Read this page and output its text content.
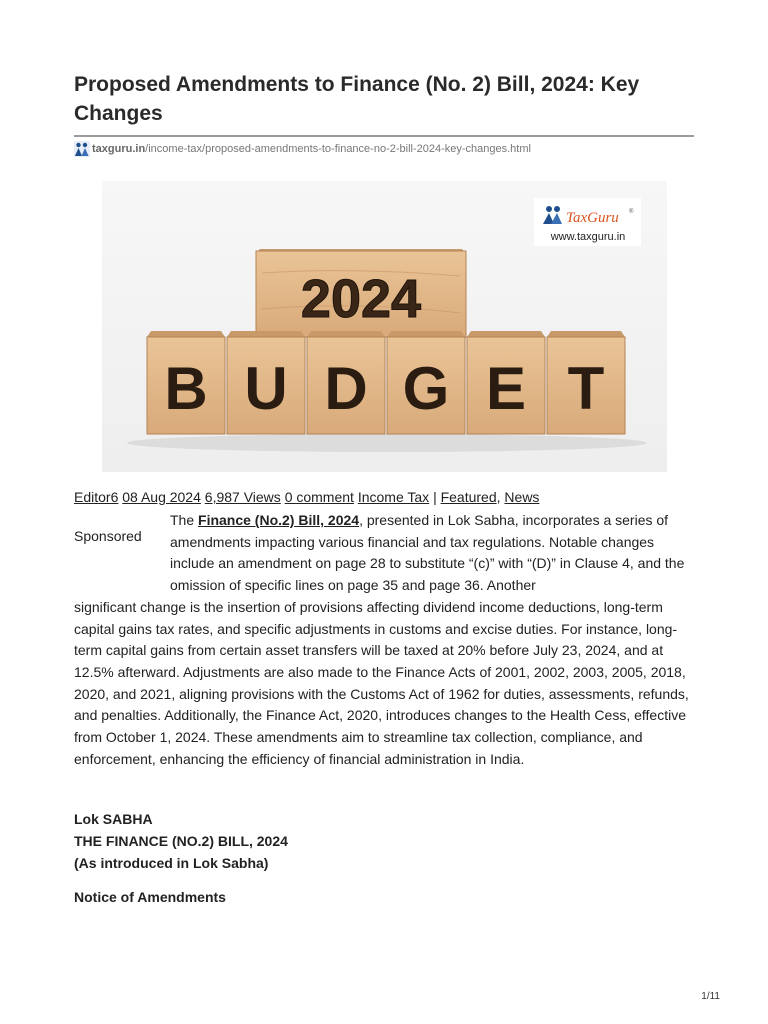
Proposed Amendments to Finance (No. 2) Bill, 2024: Key Changes
taxguru.in /income-tax/proposed-amendments-to-finance-no-2-bill-2024-key-changes.html
2024
B U D G E T
TaxGuru ®
www.taxguru.in
Editor6 08 Aug 2024 6,987 Views 0 comment Income Tax | Featured, News
Sponsored
The Finance (No.2) Bill, 2024, presented in Lok Sabha, incorporates a series of amendments impacting various financial and tax regulations. Notable changes include an amendment on page 28 to substitute “(c)” with “(D)” in Clause 4, and the omission of specific lines on page 35 and page 36. Another
significant change is the insertion of provisions affecting dividend income deductions, long-term capital gains tax rates, and specific adjustments in customs and excise duties. For instance, long-term capital gains from certain asset transfers will be taxed at 20% before July 23, 2024, and at 12.5% afterward. Adjustments are also made to the Finance Acts of 2001, 2002, 2003, 2005, 2018, 2020, and 2021, aligning provisions with the Customs Act of 1962 for duties, assessments, refunds, and penalties. Additionally, the Finance Act, 2020, introduces changes to the Health Cess, effective from October 1, 2024. These amendments aim to streamline tax collection, compliance, and enforcement, enhancing the efficiency of financial administration in India.
Lok SABHA
THE FINANCE (NO.2) BILL, 2024
(As introduced in Lok Sabha)
Notice of Amendments
1/11
